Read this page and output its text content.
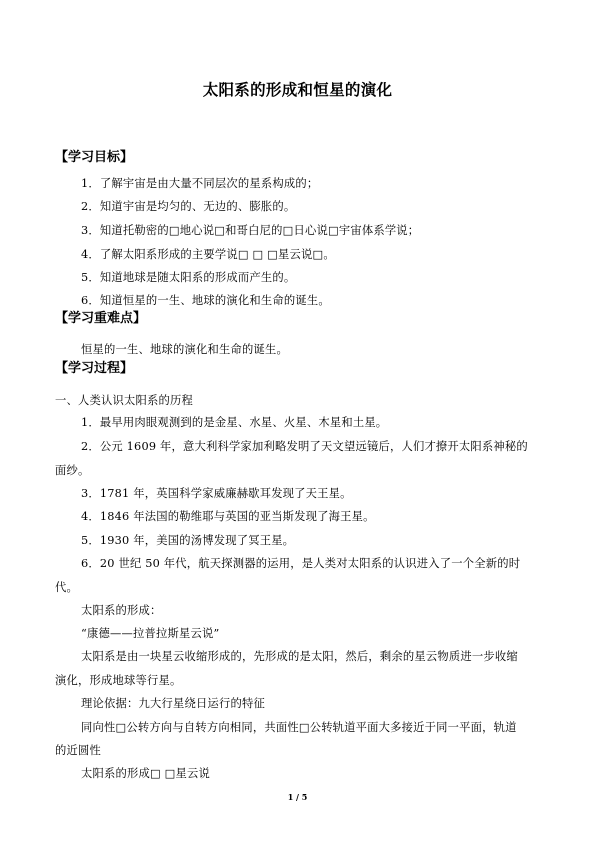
太阳系的形成和恒星的演化
【学习目标】
1．了解宇宙是由大量不同层次的星系构成的；
2．知道宇宙是均匀的、无边的、膨胀的。
3．知道托勒密的□地心说□和哥白尼的□日心说□宇宙体系学说；
4．了解太阳系形成的主要学说□ □ □星云说□。
5．知道地球是随太阳系的形成而产生的。
6．知道恒星的一生、地球的演化和生命的诞生。
【学习重难点】
恒星的一生、地球的演化和生命的诞生。
【学习过程】
一、人类认识太阳系的历程
1．最早用肉眼观测到的是金星、水星、火星、木星和土星。
2．公元 1609 年，意大利科学家加利略发明了天文望远镜后，人们才撩开太阳系神秘的
面纱。
3．1781 年，英国科学家威廉赫歇耳发现了天王星。
4．1846 年法国的勒维耶与英国的亚当斯发现了海王星。
5．1930 年，美国的汤博发现了冥王星。
6．20 世纪 50 年代，航天探测器的运用，是人类对太阳系的认识进入了一个全新的时
代。
太阳系的形成：
“康德——拉普拉斯星云说”
太阳系是由一块星云收缩形成的，先形成的是太阳，然后，剩余的星云物质进一步收缩
演化，形成地球等行星。
理论依据：九大行星绕日运行的特征
同向性□公转方向与自转方向相同，共面性□公转轨道平面大多接近于同一平面，轨道
的近圆性
太阳系的形成□ □星云说
1 / 5
